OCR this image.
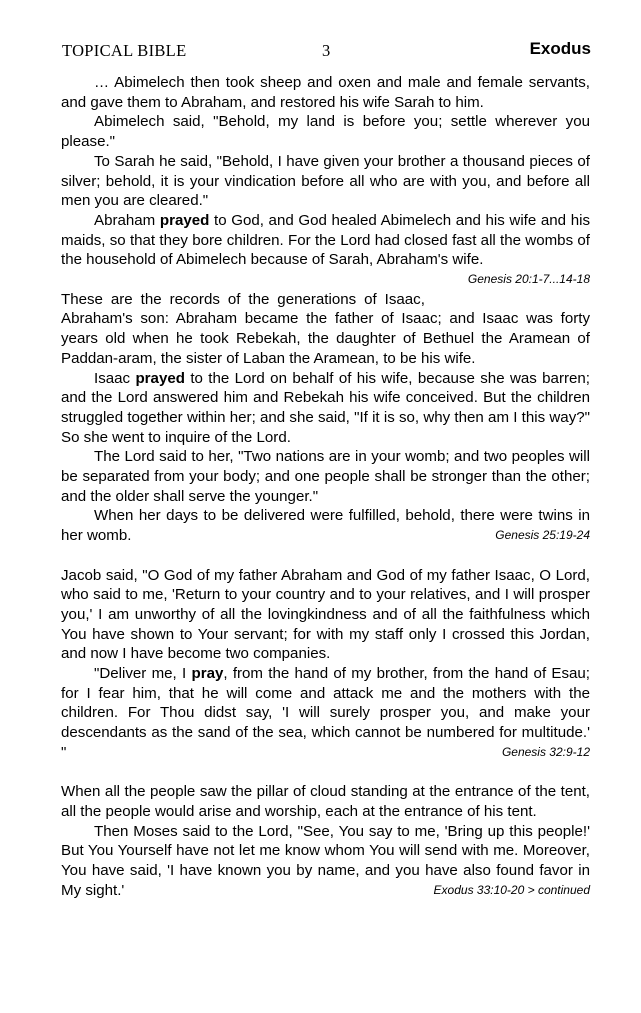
TOPICAL BIBLE	3	Exodus

… Abimelech then took sheep and oxen and male and female servants, and gave them to Abraham, and restored his wife Sarah to him.

Abimelech said, "Behold, my land is before you; settle wherever you please."

To Sarah he said, "Behold, I have given your brother a thousand pieces of silver; behold, it is your vindication before all who are with you, and before all men you are cleared."

Abraham prayed to God, and God healed Abimelech and his wife and his maids, so that they bore children. For the Lord had closed fast all the wombs of the household of Abimelech because of Sarah, Abraham's wife.
Genesis 20:1-7...14-18

These are the records of the generations of Isaac, Abraham's son: Abraham became the father of Isaac; and Isaac was forty years old when he took Rebekah, the daughter of Bethuel the Aramean of Paddan-aram, the sister of Laban the Aramean, to be his wife.

Isaac prayed to the Lord on behalf of his wife, because she was barren; and the Lord answered him and Rebekah his wife conceived. But the children struggled together within her; and she said, "If it is so, why then am I this way?" So she went to inquire of the Lord.

The Lord said to her, "Two nations are in your womb; and two peoples will be separated from your body; and one people shall be stronger than the other; and the older shall serve the younger."

When her days to be delivered were fulfilled, behold, there were twins in her womb.	Genesis 25:19-24

Jacob said, "O God of my father Abraham and God of my father Isaac, O Lord, who said to me, 'Return to your country and to your relatives, and I will prosper you,' I am unworthy of all the lovingkindness and of all the faithfulness which You have shown to Your servant; for with my staff only I crossed this Jordan, and now I have become two companies.

"Deliver me, I pray, from the hand of my brother, from the hand of Esau; for I fear him, that he will come and attack me and the mothers with the children. For Thou didst say, 'I will surely prosper you, and make your descendants as the sand of the sea, which cannot be numbered for multitude.' "	Genesis 32:9-12

When all the people saw the pillar of cloud standing at the entrance of the tent, all the people would arise and worship, each at the entrance of his tent.

Then Moses said to the Lord, "See, You say to me, 'Bring up this people!' But You Yourself have not let me know whom You will send with me. Moreover, You have said, 'I have known you by name, and you have also found favor in My sight.'	Exodus 33:10-20 > continued
